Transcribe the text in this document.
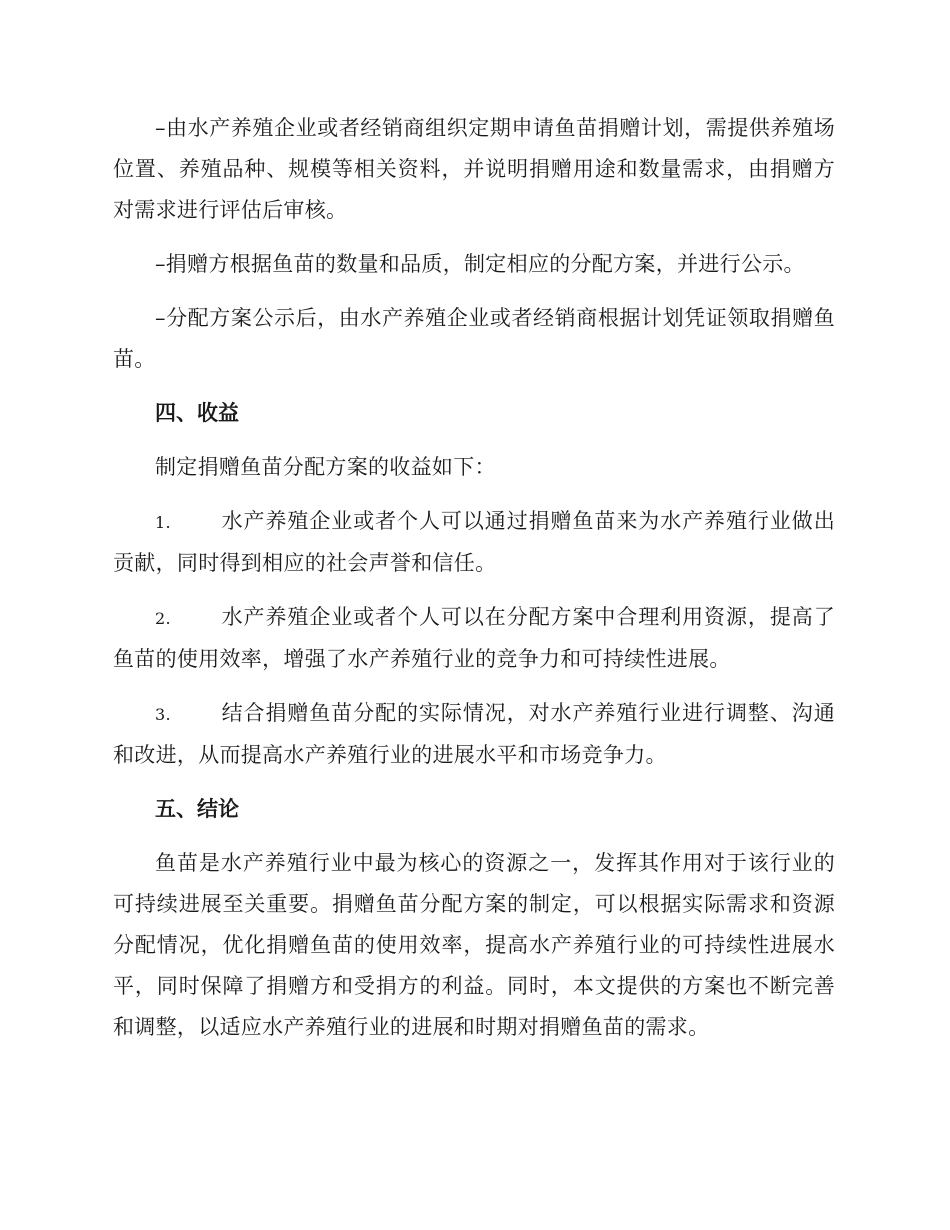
–由水产养殖企业或者经销商组织定期申请鱼苗捐赠计划，需提供养殖场位置、养殖品种、规模等相关资料，并说明捐赠用途和数量需求，由捐赠方对需求进行评估后审核。

–捐赠方根据鱼苗的数量和品质，制定相应的分配方案，并进行公示。

–分配方案公示后，由水产养殖企业或者经销商根据计划凭证领取捐赠鱼苗。

四、收益

制定捐赠鱼苗分配方案的收益如下：

1. 水产养殖企业或者个人可以通过捐赠鱼苗来为水产养殖行业做出贡献，同时得到相应的社会声誉和信任。

2. 水产养殖企业或者个人可以在分配方案中合理利用资源，提高了鱼苗的使用效率，增强了水产养殖行业的竞争力和可持续性进展。

3. 结合捐赠鱼苗分配的实际情况，对水产养殖行业进行调整、沟通和改进，从而提高水产养殖行业的进展水平和市场竞争力。

五、结论

鱼苗是水产养殖行业中最为核心的资源之一，发挥其作用对于该行业的可持续进展至关重要。捐赠鱼苗分配方案的制定，可以根据实际需求和资源分配情况，优化捐赠鱼苗的使用效率，提高水产养殖行业的可持续性进展水平，同时保障了捐赠方和受捐方的利益。同时，本文提供的方案也不断完善和调整，以适应水产养殖行业的进展和时期对捐赠鱼苗的需求。
